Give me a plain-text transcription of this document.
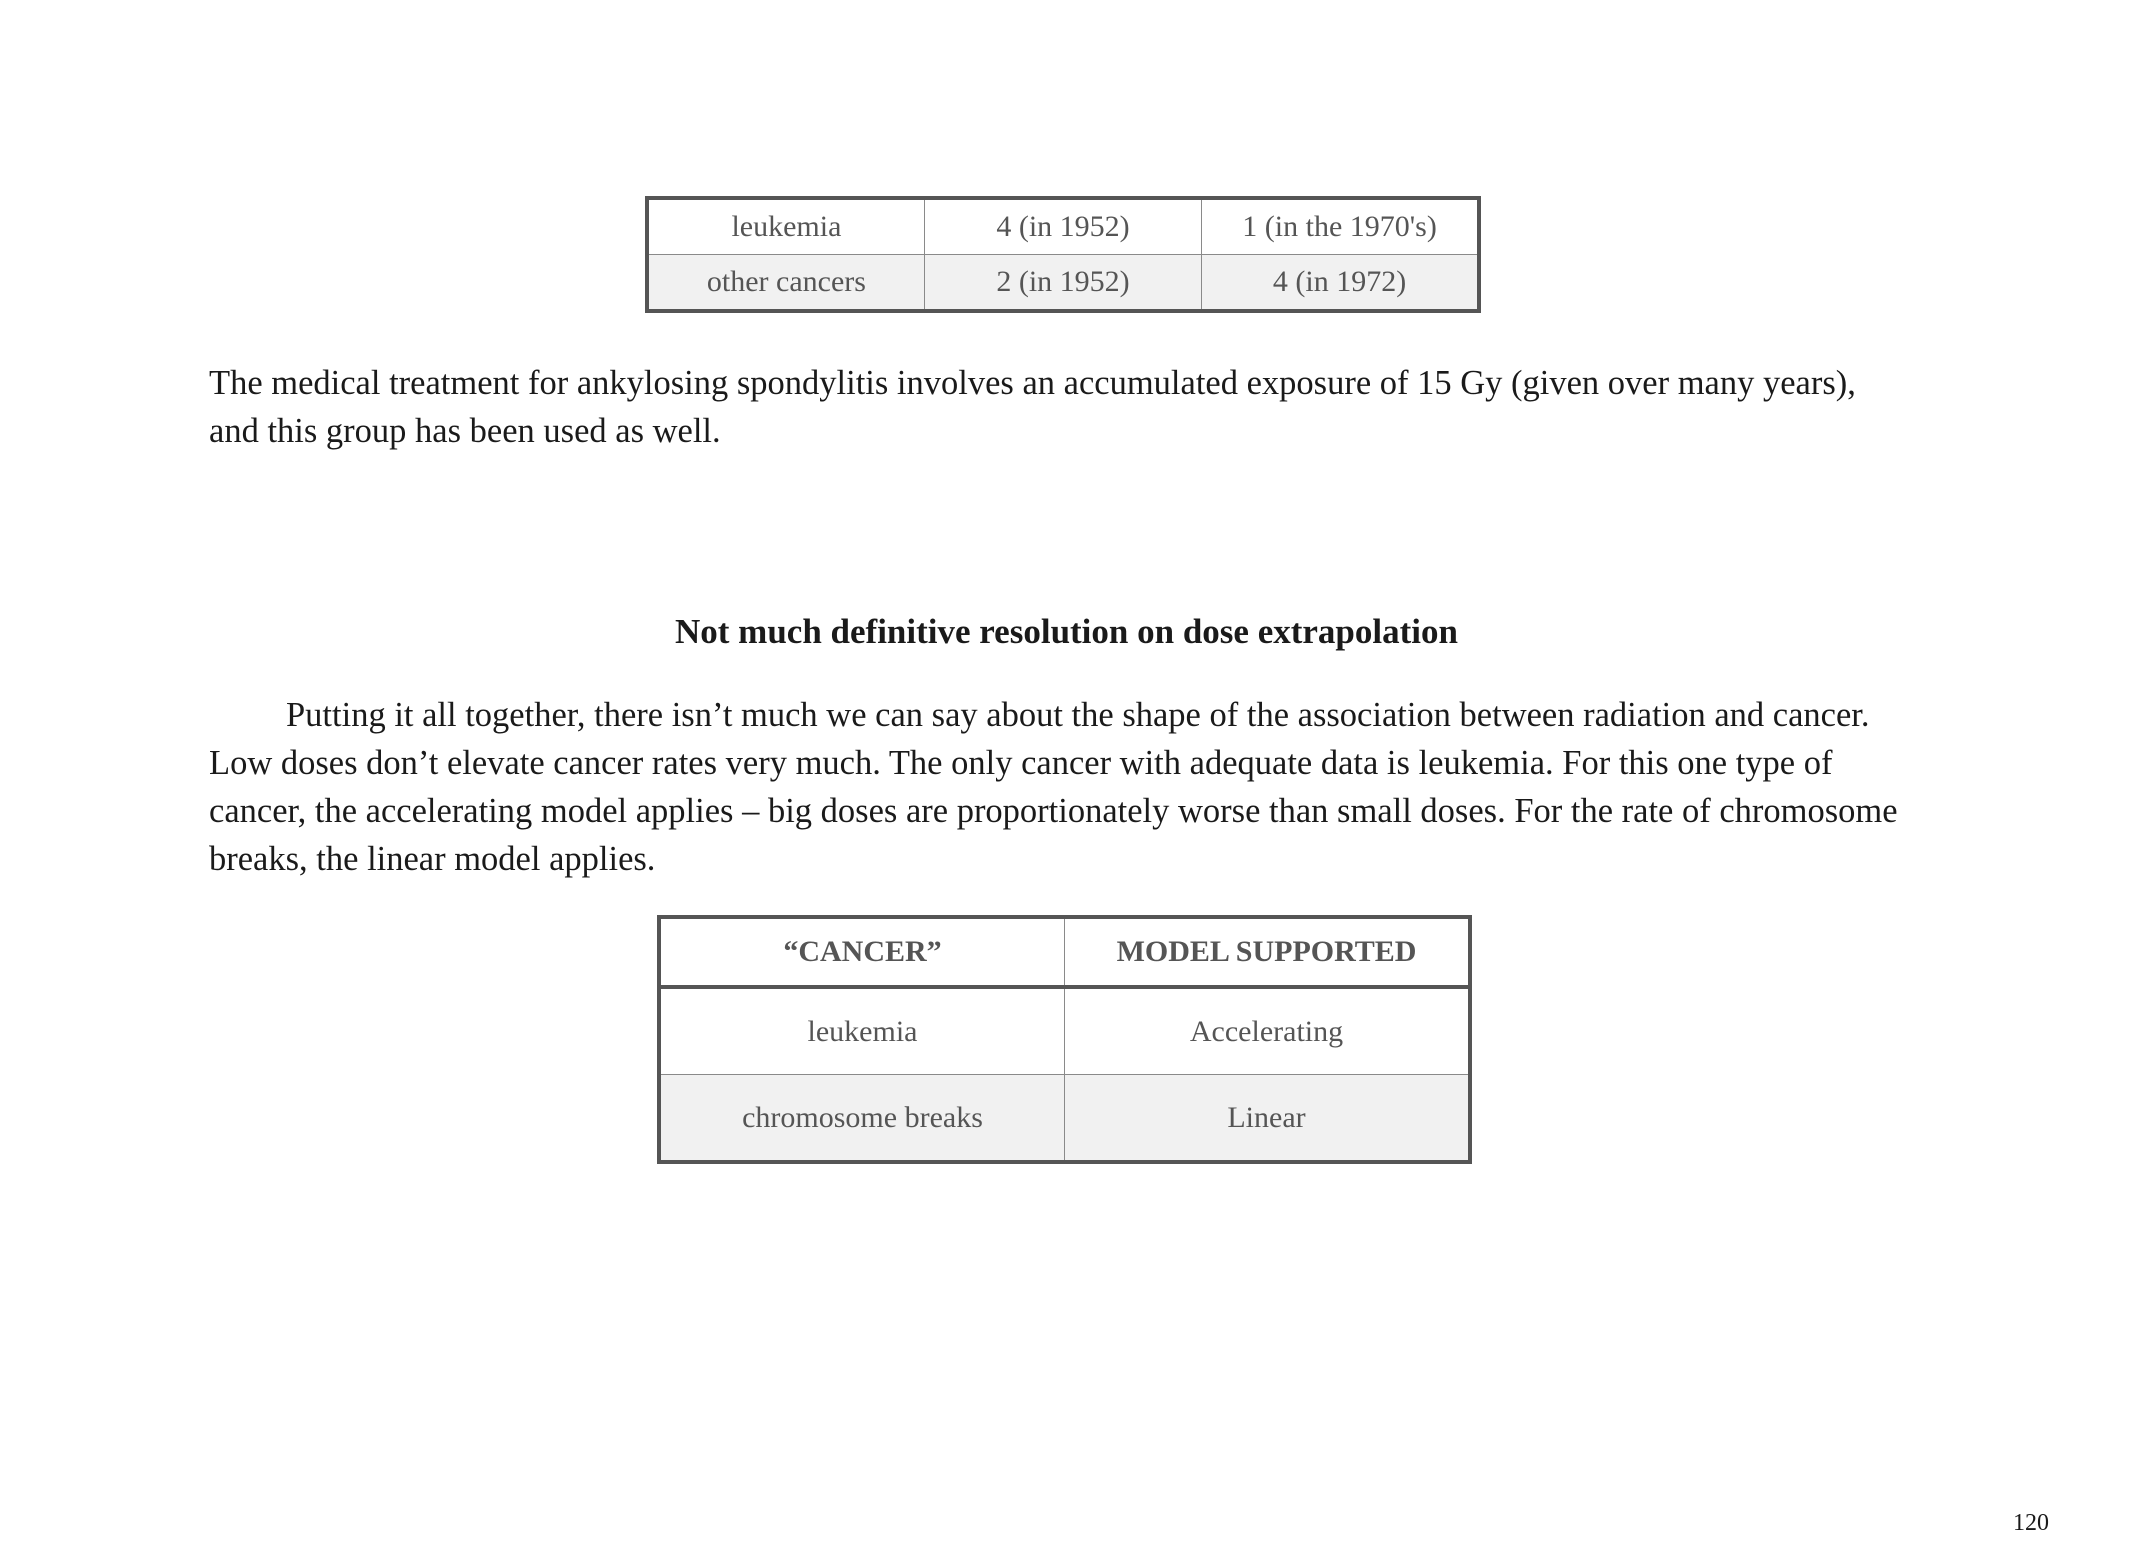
leukemia	4 (in 1952)	1 (in the 1970's)
other cancers	2 (in 1952)	4 (in 1972)

The medical treatment for ankylosing spondylitis involves an accumulated exposure of 15 Gy (given over many years), and this group has been used as well.

Not much definitive resolution on dose extrapolation

Putting it all together, there isn’t much we can say about the shape of the association between radiation and cancer. Low doses don’t elevate cancer rates very much. The only cancer with adequate data is leukemia. For this one type of cancer, the accelerating model applies – big doses are proportionately worse than small doses. For the rate of chromosome breaks, the linear model applies.

“CANCER”	MODEL SUPPORTED
leukemia	Accelerating
chromosome breaks	Linear
120
